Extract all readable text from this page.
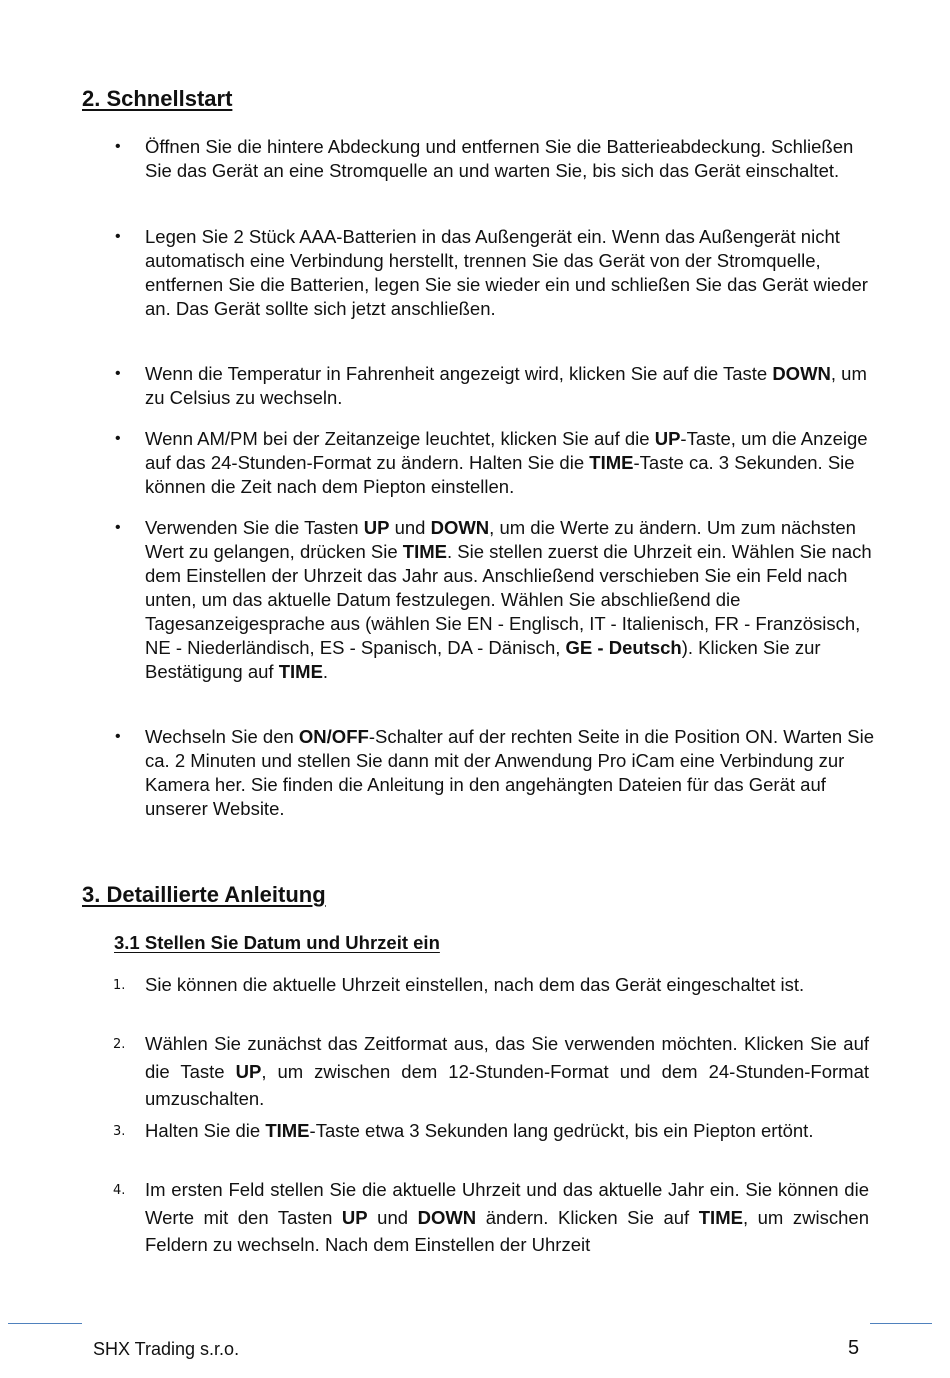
2. Schnellstart
• Öffnen Sie die hintere Abdeckung und entfernen Sie die Batterieabdeckung. Schließen Sie das Gerät an eine Stromquelle an und warten Sie, bis sich das Gerät einschaltet.
• Legen Sie 2 Stück AAA-Batterien in das Außengerät ein. Wenn das Außengerät nicht automatisch eine Verbindung herstellt, trennen Sie das Gerät von der Stromquelle, entfernen Sie die Batterien, legen Sie sie wieder ein und schließen Sie das Gerät wieder an. Das Gerät sollte sich jetzt anschließen.
• Wenn die Temperatur in Fahrenheit angezeigt wird, klicken Sie auf die Taste DOWN, um zu Celsius zu wechseln.
• Wenn AM/PM bei der Zeitanzeige leuchtet, klicken Sie auf die UP-Taste, um die Anzeige auf das 24-Stunden-Format zu ändern. Halten Sie die TIME-Taste ca. 3 Sekunden. Sie können die Zeit nach dem Piepton einstellen.
• Verwenden Sie die Tasten UP und DOWN, um die Werte zu ändern. Um zum nächsten Wert zu gelangen, drücken Sie TIME. Sie stellen zuerst die Uhrzeit ein. Wählen Sie nach dem Einstellen der Uhrzeit das Jahr aus. Anschließend verschieben Sie ein Feld nach unten, um das aktuelle Datum festzulegen. Wählen Sie abschließend die Tagesanzeigesprache aus (wählen Sie EN - Englisch, IT - Italienisch, FR - Französisch, NE - Niederländisch, ES - Spanisch, DA - Dänisch, GE - Deutsch). Klicken Sie zur Bestätigung auf TIME.
• Wechseln Sie den ON/OFF-Schalter auf der rechten Seite in die Position ON. Warten Sie ca. 2 Minuten und stellen Sie dann mit der Anwendung Pro iCam eine Verbindung zur Kamera her. Sie finden die Anleitung in den angehängten Dateien für das Gerät auf unserer Website.
3. Detaillierte Anleitung
3.1 Stellen Sie Datum und Uhrzeit ein
1. Sie können die aktuelle Uhrzeit einstellen, nach dem das Gerät eingeschaltet ist.
2. Wählen Sie zunächst das Zeitformat aus, das Sie verwenden möchten. Klicken Sie auf die Taste UP, um zwischen dem 12-Stunden-Format und dem 24-Stunden-Format umzuschalten.
3. Halten Sie die TIME-Taste etwa 3 Sekunden lang gedrückt, bis ein Piepton ertönt.
4. Im ersten Feld stellen Sie die aktuelle Uhrzeit und das aktuelle Jahr ein. Sie können die Werte mit den Tasten UP und DOWN ändern. Klicken Sie auf TIME, um zwischen Feldern zu wechseln. Nach dem Einstellen der Uhrzeit
SHX Trading s.r.o.	5
